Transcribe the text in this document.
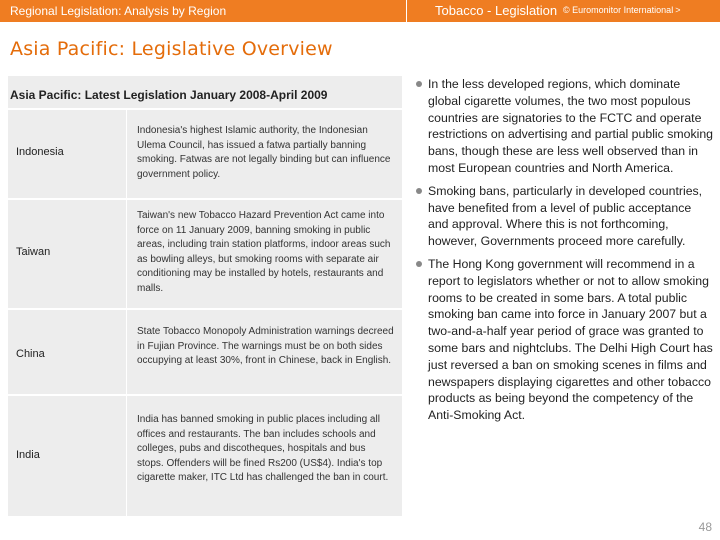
Regional Legislation: Analysis by Region	Tobacco - Legislation © Euromonitor International >
Asia Pacific: Legislative Overview
Asia Pacific: Latest Legislation January 2008-April 2009
Indonesia
Indonesia's highest Islamic authority, the Indonesian Ulema Council, has issued a fatwa partially banning smoking. Fatwas are not legally binding but can influence government policy.
Taiwan
Taiwan's new Tobacco Hazard Prevention Act came into force on 11 January 2009, banning smoking in public areas, including train station platforms, indoor areas such as bowling alleys, but smoking rooms with separate air conditioning may be installed by hotels, restaurants and malls.
China
State Tobacco Monopoly Administration warnings decreed in Fujian Province. The warnings must be on both sides occupying at least 30%, front in Chinese, back in English.
India
India has banned smoking in public places including all offices and restaurants. The ban includes schools and colleges, pubs and discotheques, hospitals and bus stops. Offenders will be fined Rs200 (US$4). India's top cigarette maker, ITC Ltd has challenged the ban in court.
In the less developed regions, which dominate global cigarette volumes, the two most populous countries are signatories to the FCTC and operate restrictions on advertising and partial public smoking bans, though these are less well observed than in most European countries and North America.
Smoking bans, particularly in developed countries, have benefited from a level of public acceptance and approval. Where this is not forthcoming, however, Governments proceed more carefully.
The Hong Kong government will recommend in a report to legislators whether or not to allow smoking rooms to be created in some bars. A total public smoking ban came into force in January 2007 but a two-and-a-half year period of grace was granted to some bars and nightclubs. The Delhi High Court has just reversed a ban on smoking scenes in films and newspapers displaying cigarettes and other tobacco products as being beyond the competency of the Anti-Smoking Act.
48
